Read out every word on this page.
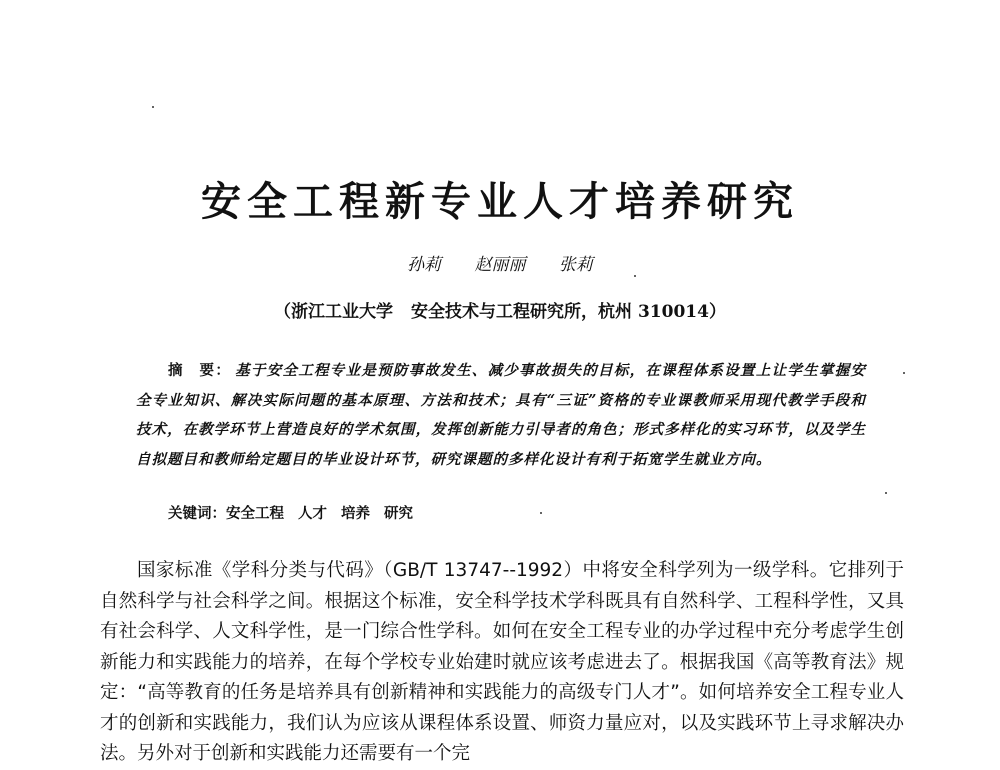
安全工程新专业人才培养研究
孙莉 赵丽丽 张莉
（浙江工业大学 安全技术与工程研究所，杭州 310014）
摘　要： 基于安全工程专业是预防事故发生、减少事故损失的目标，在课程体系设置上让学生掌握安全专业知识、解决实际问题的基本原理、方法和技术；具有“三证”资格的专业课教师采用现代教学手段和技术，在教学环节上营造良好的学术氛围，发挥创新能力引导者的角色；形式多样化的实习环节，以及学生自拟题目和教师给定题目的毕业设计环节，研究课题的多样化设计有利于拓宽学生就业方向。
关键词：安全工程 人才 培养 研究

国家标准《学科分类与代码》（GB/T 13747--1992）中将安全科学列为一级学科。它排列于自然科学与社会科学之间。根据这个标准，安全科学技术学科既具有自然科学、工程科学性，又具有社会科学、人文科学性，是一门综合性学科。如何在安全工程专业的办学过程中充分考虑学生创新能力和实践能力的培养，在每个学校专业始建时就应该考虑进去了。根据我国《高等教育法》规定：“高等教育的任务是培养具有创新精神和实践能力的高级专门人才”。如何培养安全工程专业人才的创新和实践能力，我们认为应该从课程体系设置、师资力量应对，以及实践环节上寻求解决办法。另外对于创新和实践能力还需要有一个完
